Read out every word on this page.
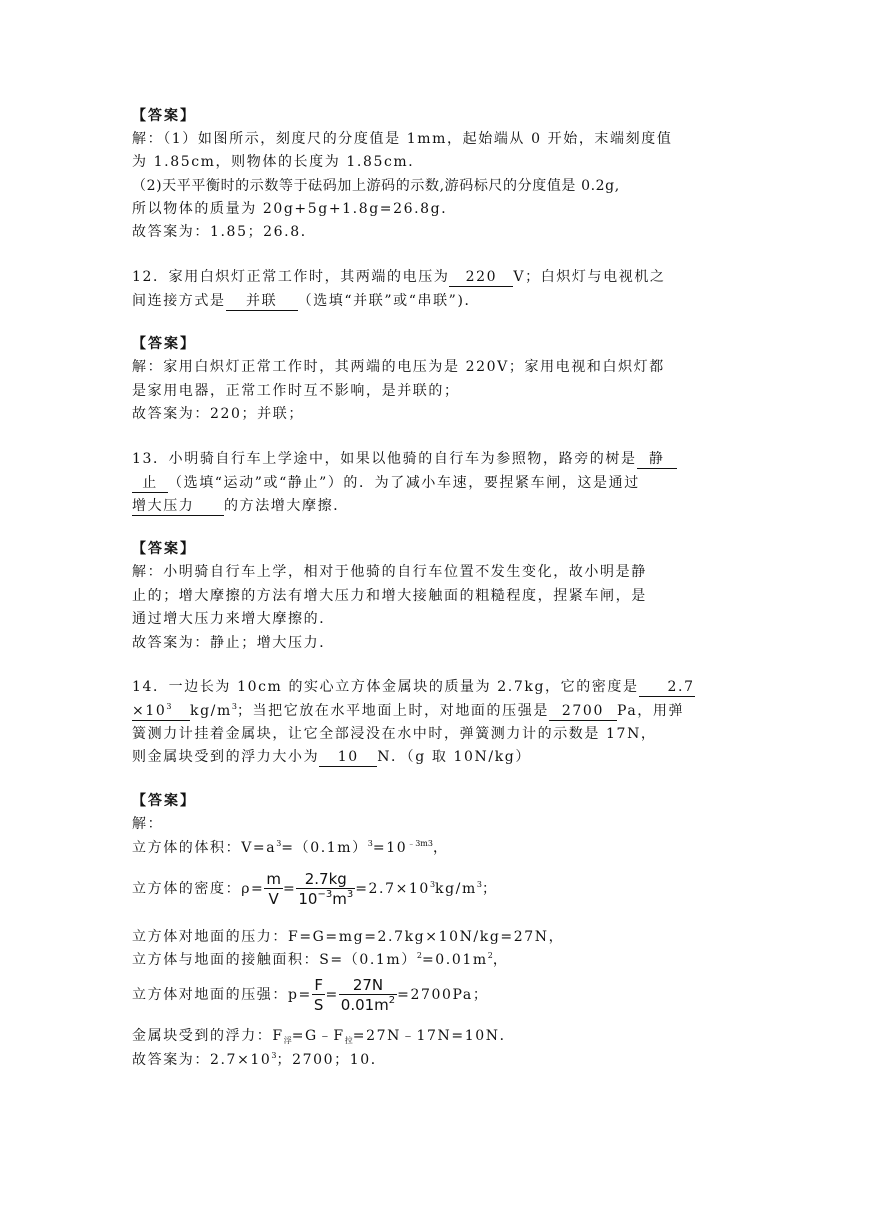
【答案】
解：（1）如图所示，刻度尺的分度值是 1mm，起始端从 0 开始，末端刻度值
为 1.85cm，则物体的长度为 1.85cm．
（2)天平平衡时的示数等于砝码加上游码的示数,游码标尺的分度值是 0.2g,
所以物体的质量为 20g+5g+1.8g=26.8g．
故答案为：1.85；26.8．
12．家用白炽灯正常工作时，其两端的电压为 220 V；白炽灯与电视机之
间连接方式是 并联 （选填“并联”或“串联”)．
【答案】
解：家用白炽灯正常工作时，其两端的电压为是 220V；家用电视和白炽灯都
是家用电器，正常工作时互不影响，是并联的；
故答案为：220；并联；
13．小明骑自行车上学途中，如果以他骑的自行车为参照物，路旁的树是 静
止 （选填“运动”或“静止”）的．为了减小车速，要捏紧车闸，这是通过
增大压力 的方法增大摩擦．
【答案】
解：小明骑自行车上学，相对于他骑的自行车位置不发生变化，故小明是静
止的；增大摩擦的方法有增大压力和增大接触面的粗糙程度，捏紧车闸，是
通过增大压力来增大摩擦的．
故答案为：静止；增大压力．
14．一边长为 10cm 的实心立方体金属块的质量为 2.7kg，它的密度是 2.7
$\times 10^3$ $kg/m^3$；当把它放在水平地面上时，对地面的压强是 2700 Pa，用弹
簧测力计挂着金属块，让它全部浸没在水中时，弹簧测力计的示数是 17N，
则金属块受到的浮力大小为 10 N．（g 取 10N/kg）
【答案】
解：
立方体的体积：$V=a^3=(0.1m)^3=10^{﹣3m3}$，
立方体的密度：$\rho= \frac{m}{V} = \frac{2.7kg}{10^{-3}m^3} =2.7\times 10^3kg/m^3$；
立方体对地面的压力：F=G=mg=2.7kg×10N/kg=27N，
立方体与地面的接触面积：$S=(0.1m)^2=0.01m^2$，
立方体对地面的压强：$p= \frac{F}{S} = \frac{27N}{0.01m^2} =2700Pa$；
金属块受到的浮力：$F_浮=G﹣F_拉=27N﹣17N=10N$．
故答案为：$2.7\times 10^3$；2700；10．
